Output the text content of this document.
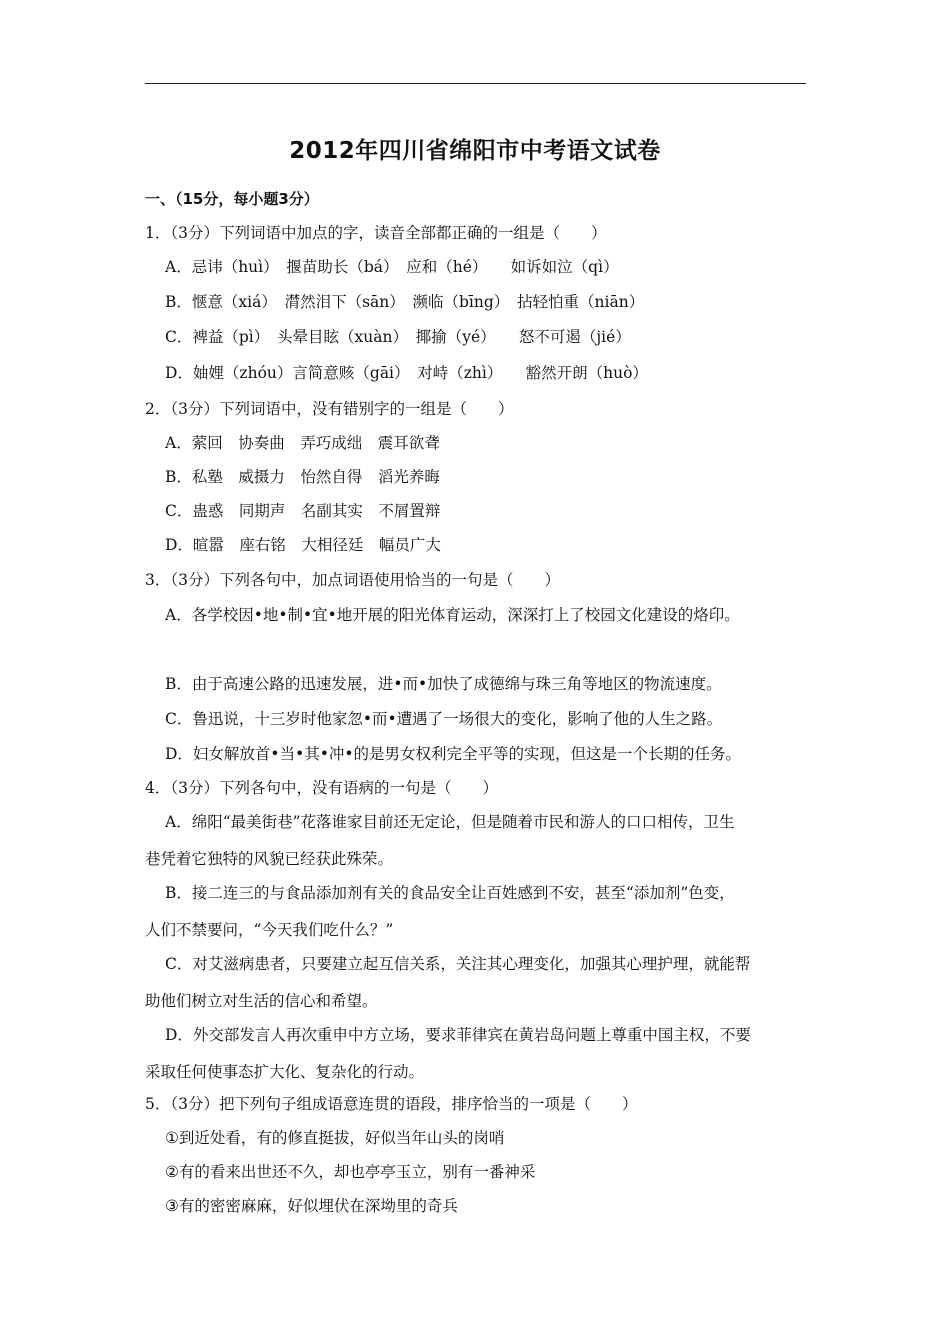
2012年四川省绵阳市中考语文试卷
一、（15分，每小题3分）
1．（3分）下列词语中加点的字，读音全部都正确的一组是（　　）
A．忌讳（huì）　揠苗助长（bá）　应和（hé）　　如诉如泣（qì）
B．惬意（xiá）　潸然泪下（sān）　濒临（bīng）　拈轻怕重（niān）
C．裨益（pì）　头晕目眩（xuàn）　揶揄（yé）　　怒不可遏（jié）
D．妯娌（zhóu）言简意赅（gāi）　对峙（zhì）　　豁然开朗（huò）
2．（3分）下列词语中，没有错别字的一组是（　　）
A．萦回　协奏曲　弄巧成绌　震耳欲聋
B．私塾　威摄力　怡然自得　滔光养晦
C．蛊惑　同期声　名副其实　不屑置辩
D．暄嚣　座右铭　大相径廷　幅员广大
3．（3分）下列各句中，加点词语使用恰当的一句是（　　）
A．各学校因•地•制•宜•地开展的阳光体育运动，深深打上了校园文化建设的烙印。
B．由于高速公路的迅速发展，进•而•加快了成德绵与珠三角等地区的物流速度。
C．鲁迅说，十三岁时他家忽•而•遭遇了一场很大的变化，影响了他的人生之路。
D．妇女解放首•当•其•冲•的是男女权利完全平等的实现，但这是一个长期的任务。
4．（3分）下列各句中，没有语病的一句是（　　）
A．绵阳“最美街巷”花落谁家目前还无定论，但是随着市民和游人的口口相传，卫生
巷凭着它独特的风貌已经获此殊荣。
B．接二连三的与食品添加剂有关的食品安全让百姓感到不安，甚至“添加剂”色变，
人们不禁要问，“今天我们吃什么？”
C．对艾滋病患者，只要建立起互信关系，关注其心理变化，加强其心理护理，就能帮
助他们树立对生活的信心和希望。
D．外交部发言人再次重申中方立场，要求菲律宾在黄岩岛问题上尊重中国主权，不要
采取任何使事态扩大化、复杂化的行动。
5．（3分）把下列句子组成语意连贯的语段，排序恰当的一项是（　　）
①到近处看，有的修直挺拔，好似当年山头的岗哨
②有的看来出世还不久，却也亭亭玉立，别有一番神采
③有的密密麻麻，好似埋伏在深坳里的奇兵
